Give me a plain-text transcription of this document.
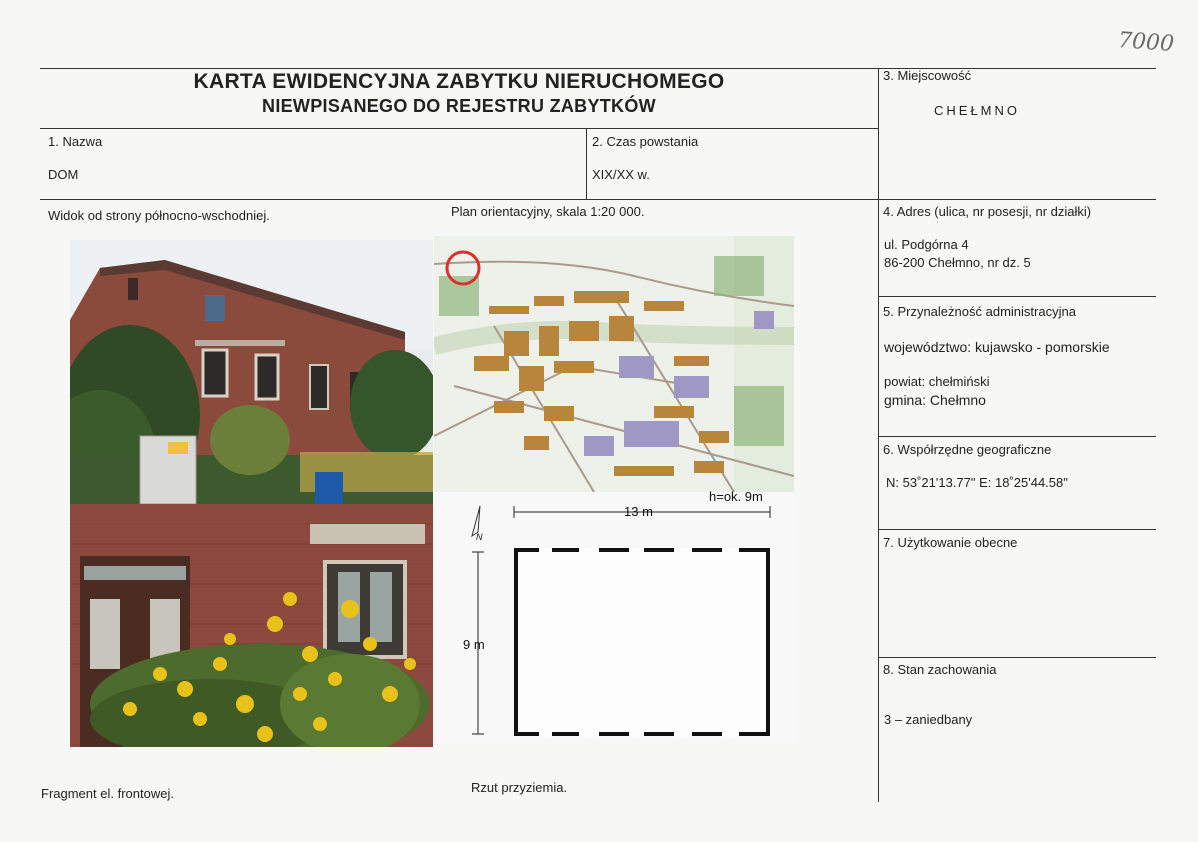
7000
KARTA EWIDENCYJNA ZABYTKU NIERUCHOMEGO
NIEWPISANEGO DO REJESTRU ZABYTKÓW
1. Nazwa
DOM
2. Czas powstania
XIX/XX w.
3. Miejscowość
CHEŁMNO
4. Adres (ulica, nr posesji, nr działki)
ul. Podgórna 4
86-200 Chełmno, nr dz. 5
5. Przynależność administracyjna
województwo: kujawsko - pomorskie
powiat: chełmiński
gmina: Chełmno
6. Współrzędne geograficzne
N: 53˚21'13.77" E: 18˚25'44.58"
7. Użytkowanie obecne
8. Stan zachowania
3 – zaniedbany
Widok od strony północno-wschodniej.	Plan orientacyjny, skala 1:20 000.
Fragment el. frontowej.	Rzut przyziemia.
13 m
h=ok. 9m
9 m
N
